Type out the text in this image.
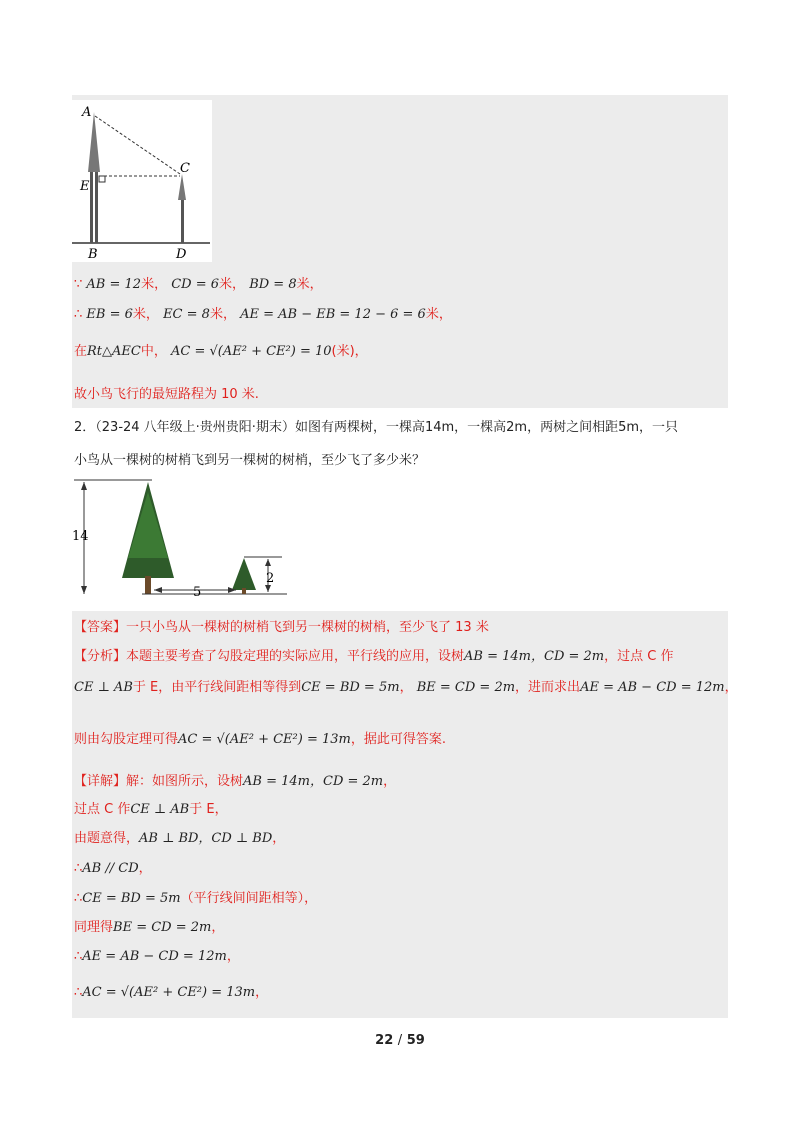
A
C
E
B	D
∵ AB = 12米， CD = 6米， BD = 8米，
∴ EB = 6米， EC = 8米， AE = AB − EB = 12 − 6 = 6米，
在Rt△AEC中， AC = √(AE² + CE²) = 10(米)，
故小鸟飞行的最短路程为 10 米.
2．（23-24 八年级上·贵州贵阳·期末）如图有两棵树，一棵高14m，一棵高2m，两树之间相距5m，一只
小鸟从一棵树的树梢飞到另一棵树的树梢，至少飞了多少米？
14
2
5
【答案】一只小鸟从一棵树的树梢飞到另一棵树的树梢，至少飞了 13 米
【分析】本题主要考查了勾股定理的实际应用，平行线的应用，设树AB = 14m，CD = 2m，过点 C 作
CE ⊥ AB于 E，由平行线间距相等得到CE = BD = 5m， BE = CD = 2m，进而求出AE = AB − CD = 12m，
则由勾股定理可得AC = √(AE² + CE²) = 13m，据此可得答案.
【详解】解：如图所示，设树AB = 14m，CD = 2m，
过点 C 作CE ⊥ AB于 E，
由题意得，AB ⊥ BD，CD ⊥ BD，
∴AB // CD，
∴CE = BD = 5m（平行线间间距相等），
同理得BE = CD = 2m，
∴AE = AB − CD = 12m，
∴AC = √(AE² + CE²) = 13m，
22 / 59
